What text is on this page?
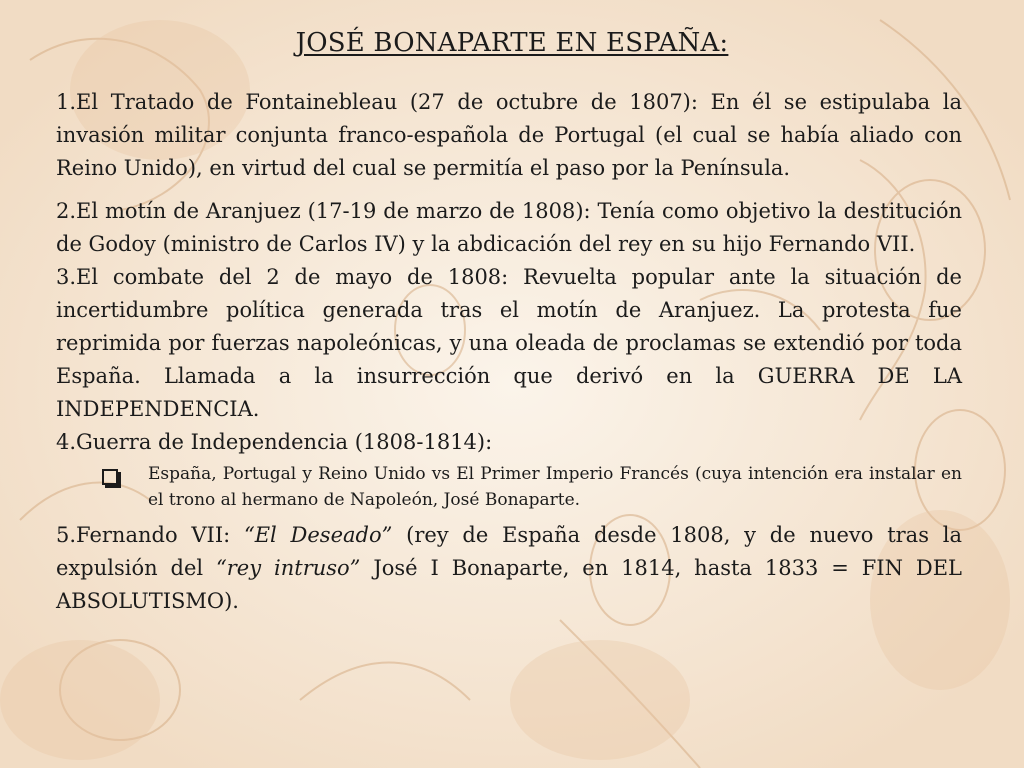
JOSÉ BONAPARTE EN ESPAÑA:

1.El Tratado de Fontainebleau (27 de octubre de 1807): En él se estipulaba la invasión militar conjunta franco-española de Portugal (el cual se había aliado con Reino Unido), en virtud del cual se permitía el paso por la Península.

2.El motín de Aranjuez (17-19 de marzo de 1808): Tenía como objetivo la destitución de Godoy (ministro de Carlos IV) y la abdicación del rey en su hijo Fernando VII.

3.El combate del 2 de mayo de 1808: Revuelta popular ante la situación de incertidumbre política generada tras el motín de Aranjuez. La protesta fue reprimida por fuerzas napoleónicas, y una oleada de proclamas se extendió por toda España. Llamada a la insurrección que derivó en la GUERRA DE LA INDEPENDENCIA.

4.Guerra de Independencia (1808-1814):

España, Portugal y Reino Unido vs El Primer Imperio Francés (cuya intención era instalar en el trono al hermano de Napoleón, José Bonaparte.

5.Fernando VII: “El Deseado” (rey de España desde 1808, y de nuevo tras la expulsión del “rey intruso” José I Bonaparte, en 1814, hasta 1833 = FIN DEL ABSOLUTISMO).
